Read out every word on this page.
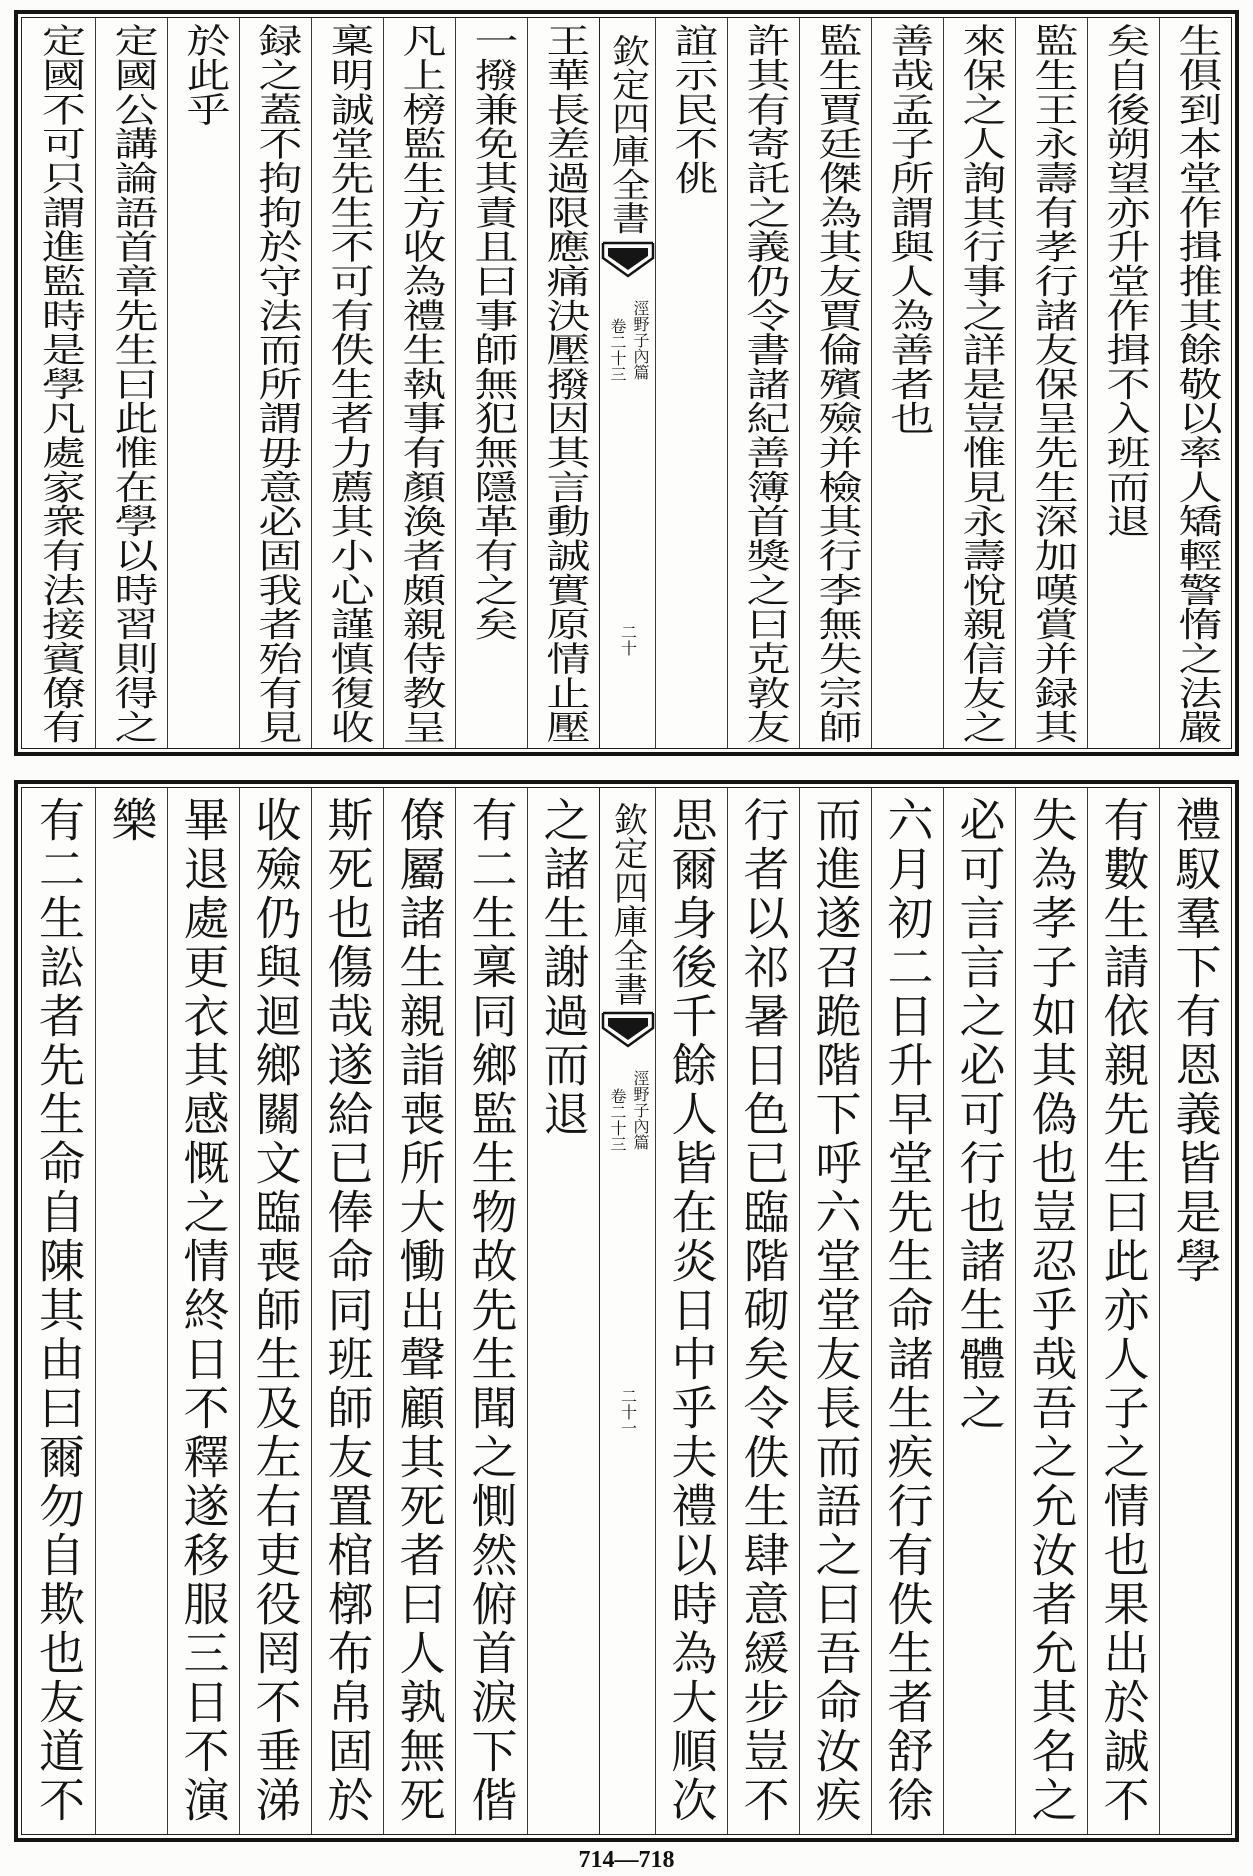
生俱到本堂作揖推其餘敬以率人矯輕警惰之法嚴
矣自後朔望亦升堂作揖不入班而退
監生王永壽有孝行諸友保呈先生深加嘆賞并録其
來保之人詢其行事之詳是豈惟見永壽悅親信友之
善哉孟子所謂與人為善者也
監生賈廷傑為其友賈倫殯殮并檢其行李無失宗師
許其有寄託之義仍令書諸紀善簿首獎之曰克敦友
誼示民不佻
欽定四庫全書
涇野子內篇
卷二十三
二十
王華長差過限應痛決壓撥因其言動誠實原情止壓
一撥兼免其責且曰事師無犯無隱革有之矣
凡上榜監生方收為禮生執事有顏渙者頗親侍教呈
稟明誠堂先生不可有佚生者力薦其小心謹慎復收
録之蓋不拘拘於守法而所謂毋意必固我者殆有見
於此乎
定國公講論語首章先生曰此惟在學以時習則得之
定國不可只謂進監時是學凡處家衆有法接賓僚有
禮馭羣下有恩義皆是學
有數生請依親先生曰此亦人子之情也果出於誠不
失為孝子如其偽也豈忍乎哉吾之允汝者允其名之
必可言言之必可行也諸生體之
六月初二日升早堂先生命諸生疾行有佚生者舒徐
而進遂召跪階下呼六堂堂友長而語之曰吾命汝疾
行者以祁暑日色已臨階砌矣令佚生肆意緩步豈不
思爾身後千餘人皆在炎日中乎夫禮以時為大順次
欽定四庫全書
涇野子內篇
卷二十三
二十一
之諸生謝過而退
有二生稟同鄉監生物故先生聞之惻然俯首淚下偕
僚屬諸生親詣喪所大慟出聲顧其死者曰人孰無死
斯死也傷哉遂給已俸命同班師友置棺槨布帛固於
收殮仍與迴鄉關文臨喪師生及左右吏役罔不垂涕
畢退處更衣其感慨之情終日不釋遂移服三日不演
樂
有二生訟者先生命自陳其由曰爾勿自欺也友道不
714—718
